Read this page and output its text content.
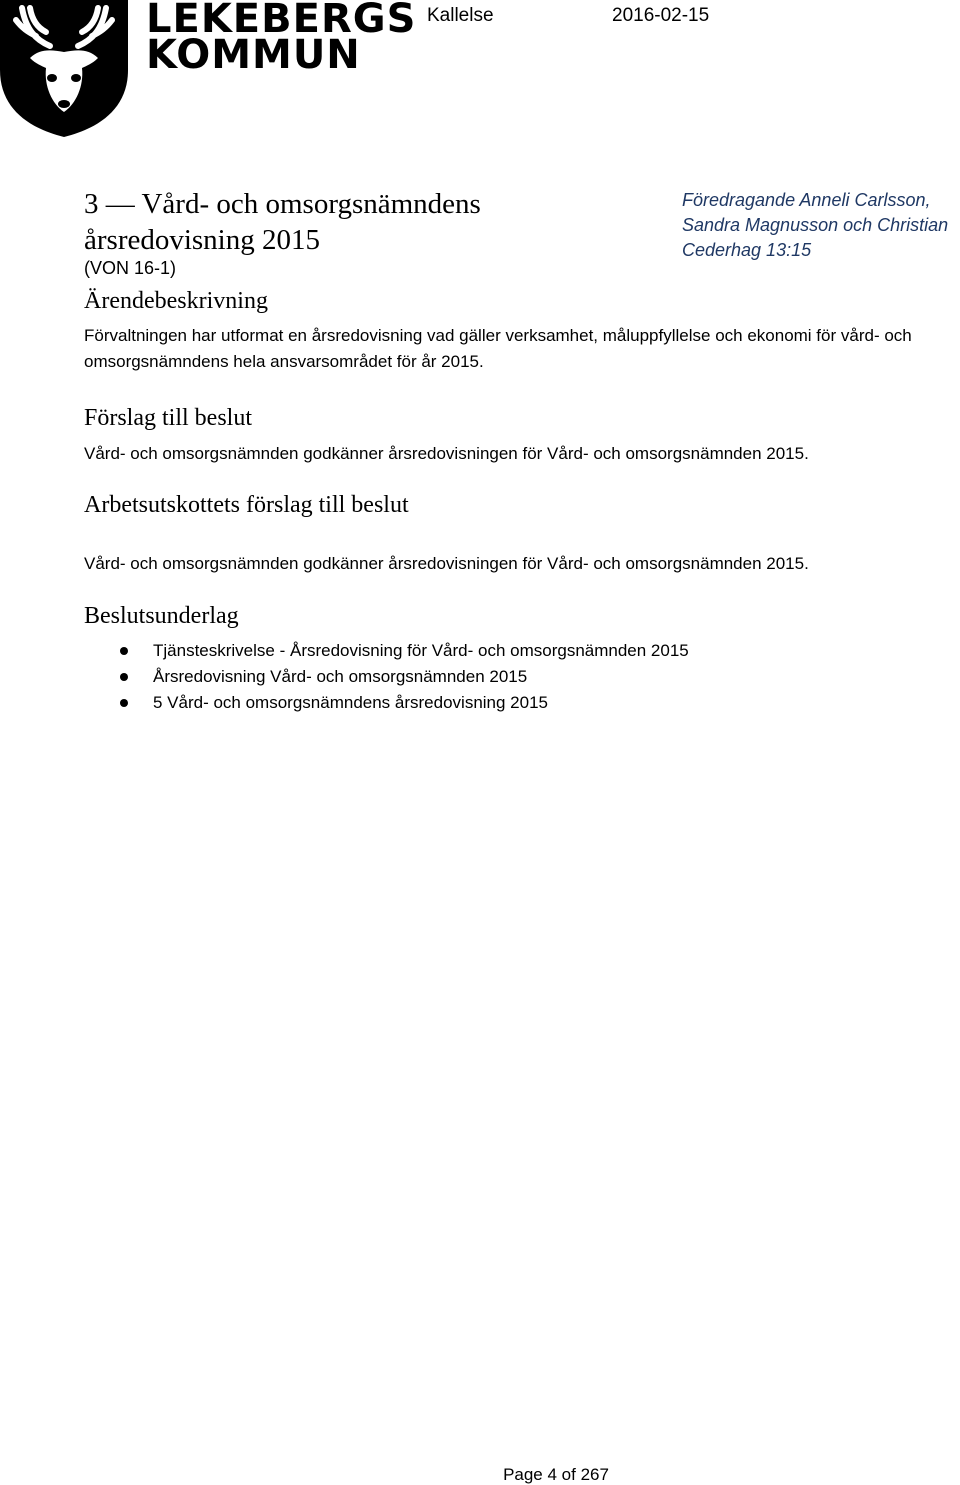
LEKEBERGS
KOMMUN
Kallelse	2016-02-15
3 — Vård- och omsorgsnämndens årsredovisning 2015
(VON 16-1)
Föredragande Anneli Carlsson, Sandra Magnusson och Christian Cederhag 13:15
Ärendebeskrivning
Förvaltningen har utformat en årsredovisning vad gäller verksamhet, måluppfyllelse och ekonomi för vård- och omsorgsnämndens hela ansvarsområdet för år 2015.
Förslag till beslut
Vård- och omsorgsnämnden godkänner årsredovisningen för Vård- och omsorgsnämnden 2015.
Arbetsutskottets förslag till beslut
Vård- och omsorgsnämnden godkänner årsredovisningen för Vård- och omsorgsnämnden 2015.
Beslutsunderlag
Tjänsteskrivelse - Årsredovisning för Vård- och omsorgsnämnden 2015
Årsredovisning Vård- och omsorgsnämnden 2015
5 Vård- och omsorgsnämndens årsredovisning 2015
Page 4 of 267
